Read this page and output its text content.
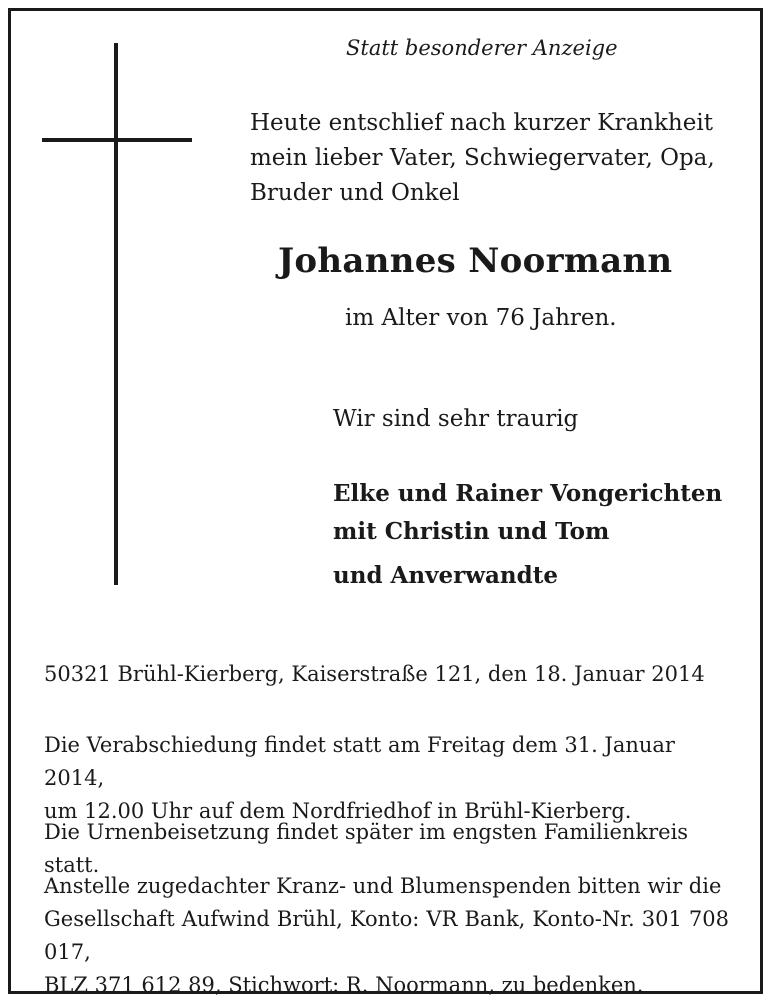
Statt besonderer Anzeige
Heute entschlief nach kurzer Krankheit
mein lieber Vater, Schwiegervater, Opa,
Bruder und Onkel
Johannes Noormann
im Alter von 76 Jahren.
Wir sind sehr traurig
Elke und Rainer Vongerichten
mit Christin und Tom
und Anverwandte
50321 Brühl-Kierberg, Kaiserstraße 121, den 18. Januar 2014
Die Verabschiedung findet statt am Freitag dem 31. Januar 2014,
um 12.00 Uhr auf dem Nordfriedhof in Brühl-Kierberg.
Die Urnenbeisetzung findet später im engsten Familienkreis statt.
Anstelle zugedachter Kranz- und Blumenspenden bitten wir die
Gesellschaft Aufwind Brühl, Konto: VR Bank, Konto-Nr. 301 708 017,
BLZ 371 612 89, Stichwort: R. Noormann, zu bedenken.
